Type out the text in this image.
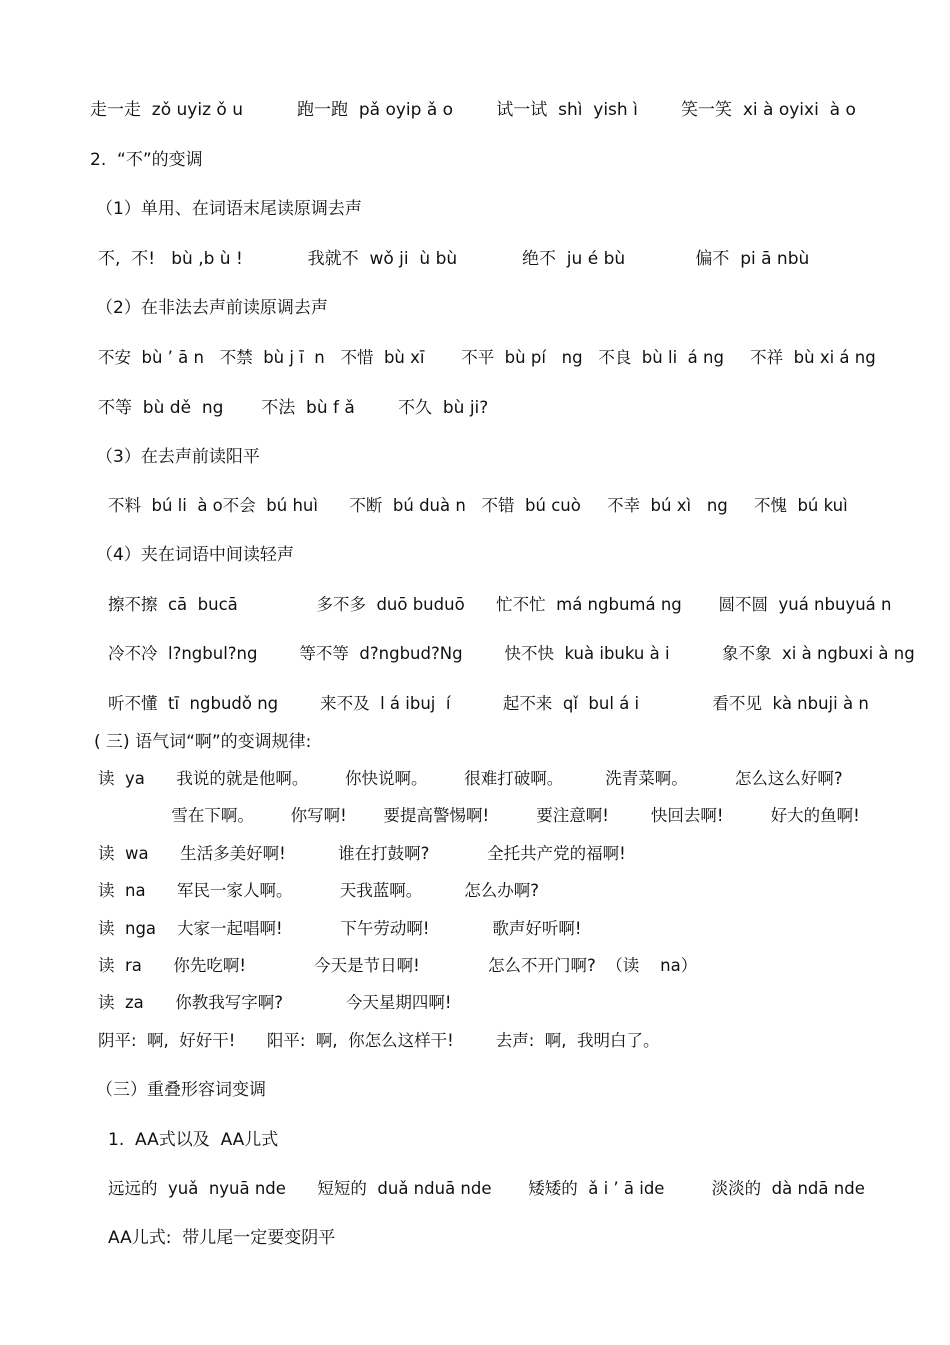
走一走  zǒ uyiz ǒ u          跑一跑  pǎ oyip ǎ o        试一试  shì  yish ì        笑一笑  xi à oyixi  à o
2.  “不”的变调
（1）单用、在词语末尾读原调去声
不,  不!   bù ,b ù !            我就不  wǒ ji  ù bù            绝不  ju é bù             偏不  pi ā nbù
（2）在非法去声前读原调去声
不安  bù ’ ā n   不禁  bù j ī  n   不惜  bù xī       不平  bù pí   ng   不良  bù li  á ng     不祥  bù xi á ng
不等  bù dě  ng       不法  bù f ǎ        不久  bù ji?
（3）在去声前读阳平
不料  bú li  à o不会  bú huì      不断  bú duà n   不错  bú cuò     不幸  bú xì   ng     不愧  bú kuì
（4）夹在词语中间读轻声
擦不擦  cā  bucā               多不多  duō buduō      忙不忙  má ngbumá ng       圆不圆  yuá nbuyuá n
冷不冷  l?ngbul?ng        等不等  d?ngbud?Ng        快不快  kuà ibuku à i          象不象  xi à ngbuxi à ng
听不懂  tī  ngbudǒ ng        来不及  l á ibuj  í          起不来  qǐ  bul á i              看不见  kà nbuji à n
( 三) 语气词“啊”的变调规律:
读  ya      我说的就是他啊。       你快说啊。       很难打破啊。        洗青菜啊。         怎么这么好啊?
雪在下啊。       你写啊!       要提高警惕啊!         要注意啊!        快回去啊!         好大的鱼啊!
读  wa      生活多美好啊!          谁在打鼓啊?           全托共产党的福啊!
读  na      军民一家人啊。         天我蓝啊。        怎么办啊?
读  nga    大家一起唱啊!           下午劳动啊!            歌声好听啊!
读  ra      你先吃啊!             今天是节日啊!             怎么不开门啊?  （读    na）
读  za      你教我写字啊?            今天星期四啊!
阴平:  啊,  好好干!      阳平:  啊,  你怎么这样干!        去声:  啊,  我明白了。
（三）重叠形容词变调
1.  AA式以及  AA儿式
远远的  yuǎ  nyuā nde      短短的  duǎ nduā nde       矮矮的  ǎ i ’ ā ide         淡淡的  dà ndā nde
AA儿式:  带儿尾一定要变阴平
